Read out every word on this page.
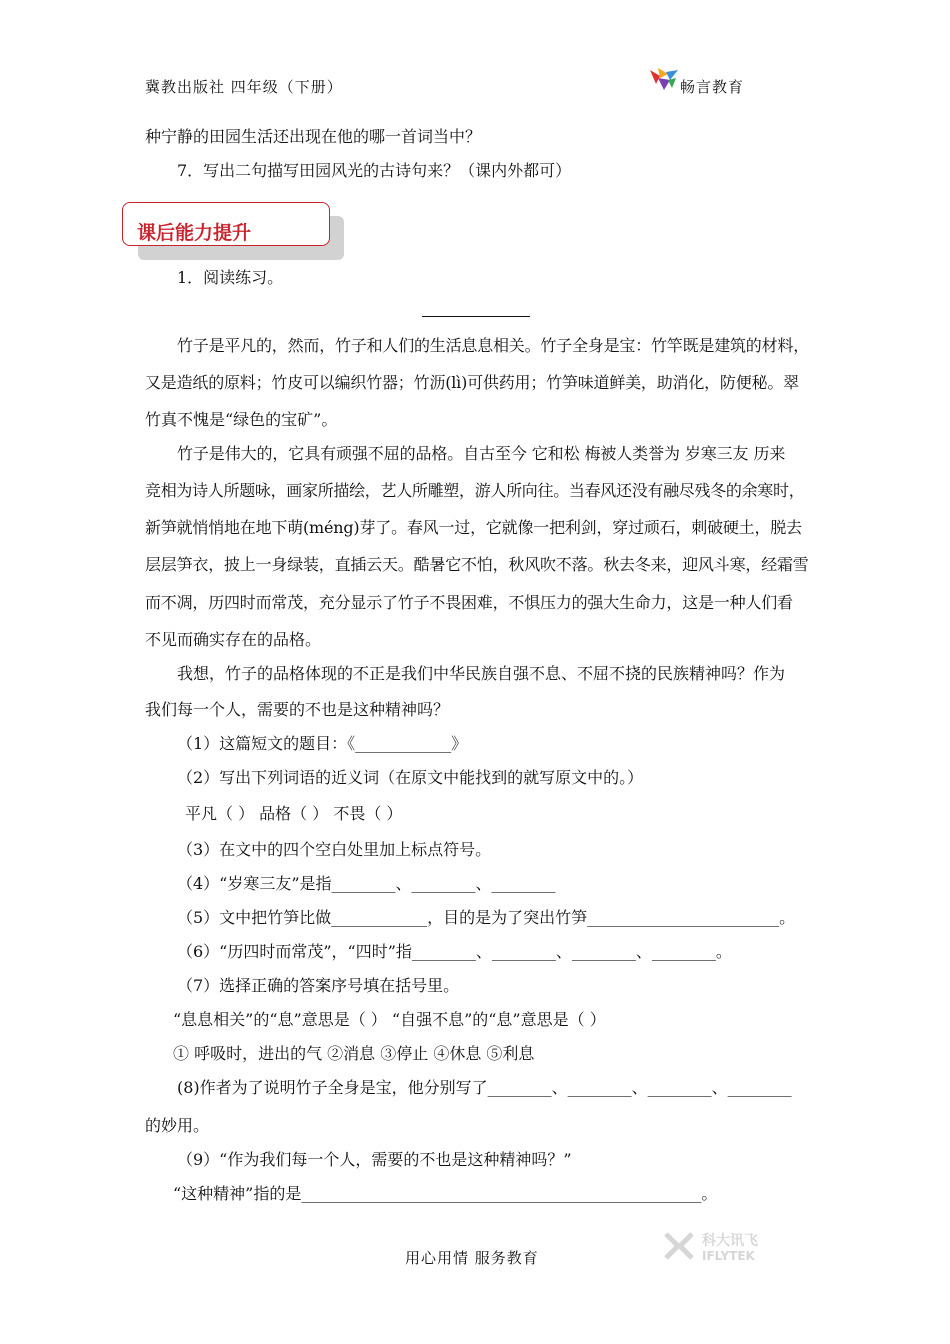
冀教出版社 四年级（下册）	畅言教育
种宁静的田园生活还出现在他的哪一首词当中？
7．写出二句描写田园风光的古诗句来？（课内外都可）
课后能力提升
1．阅读练习。
竹子是平凡的，然而，竹子和人们的生活息息相关。竹子全身是宝：竹竿既是建筑的材料，
又是造纸的原料；竹皮可以编织竹器；竹沥(lì)可供药用；竹笋味道鲜美，助消化，防便秘。翠
竹真不愧是“绿色的宝矿”。
竹子是伟大的，它具有顽强不屈的品格。自古至今 它和松 梅被人类誉为 岁寒三友 历来
竞相为诗人所题咏，画家所描绘，艺人所雕塑，游人所向往。当春风还没有融尽残冬的余寒时，
新笋就悄悄地在地下萌(méng)芽了。春风一过，它就像一把利剑，穿过顽石，刺破硬土，脱去
层层笋衣，披上一身绿装，直插云天。酷暑它不怕，秋风吹不落。秋去冬来，迎风斗寒，经霜雪
而不凋，历四时而常茂，充分显示了竹子不畏困难，不惧压力的强大生命力，这是一种人们看
不见而确实存在的品格。
我想，竹子的品格体现的不正是我们中华民族自强不息、不屈不挠的民族精神吗？作为
我们每一个人，需要的不也是这种精神吗？
（1）这篇短文的题目：《____________》
（2）写出下列词语的近义词（在原文中能找到的就写原文中的。）
平凡（ ） 品格（ ） 不畏（ ）
（3）在文中的四个空白处里加上标点符号。
（4）“岁寒三友”是指________、________、________
（5）文中把竹笋比做____________，目的是为了突出竹笋________________________。
（6）“历四时而常茂”，“四时”指________、________、________、________。
（7）选择正确的答案序号填在括号里。
“息息相关”的“息”意思是（ ） “自强不息”的“息”意思是（ ）
① 呼吸时，进出的气 ②消息 ③停止 ④休息 ⑤利息
(8)作者为了说明竹子全身是宝，他分别写了________、________、________、________
的妙用。
（9）“作为我们每一个人，需要的不也是这种精神吗？”
“这种精神”指的是__________________________________________________。
用心用情 服务教育
科大讯飞
IFLYTEK
